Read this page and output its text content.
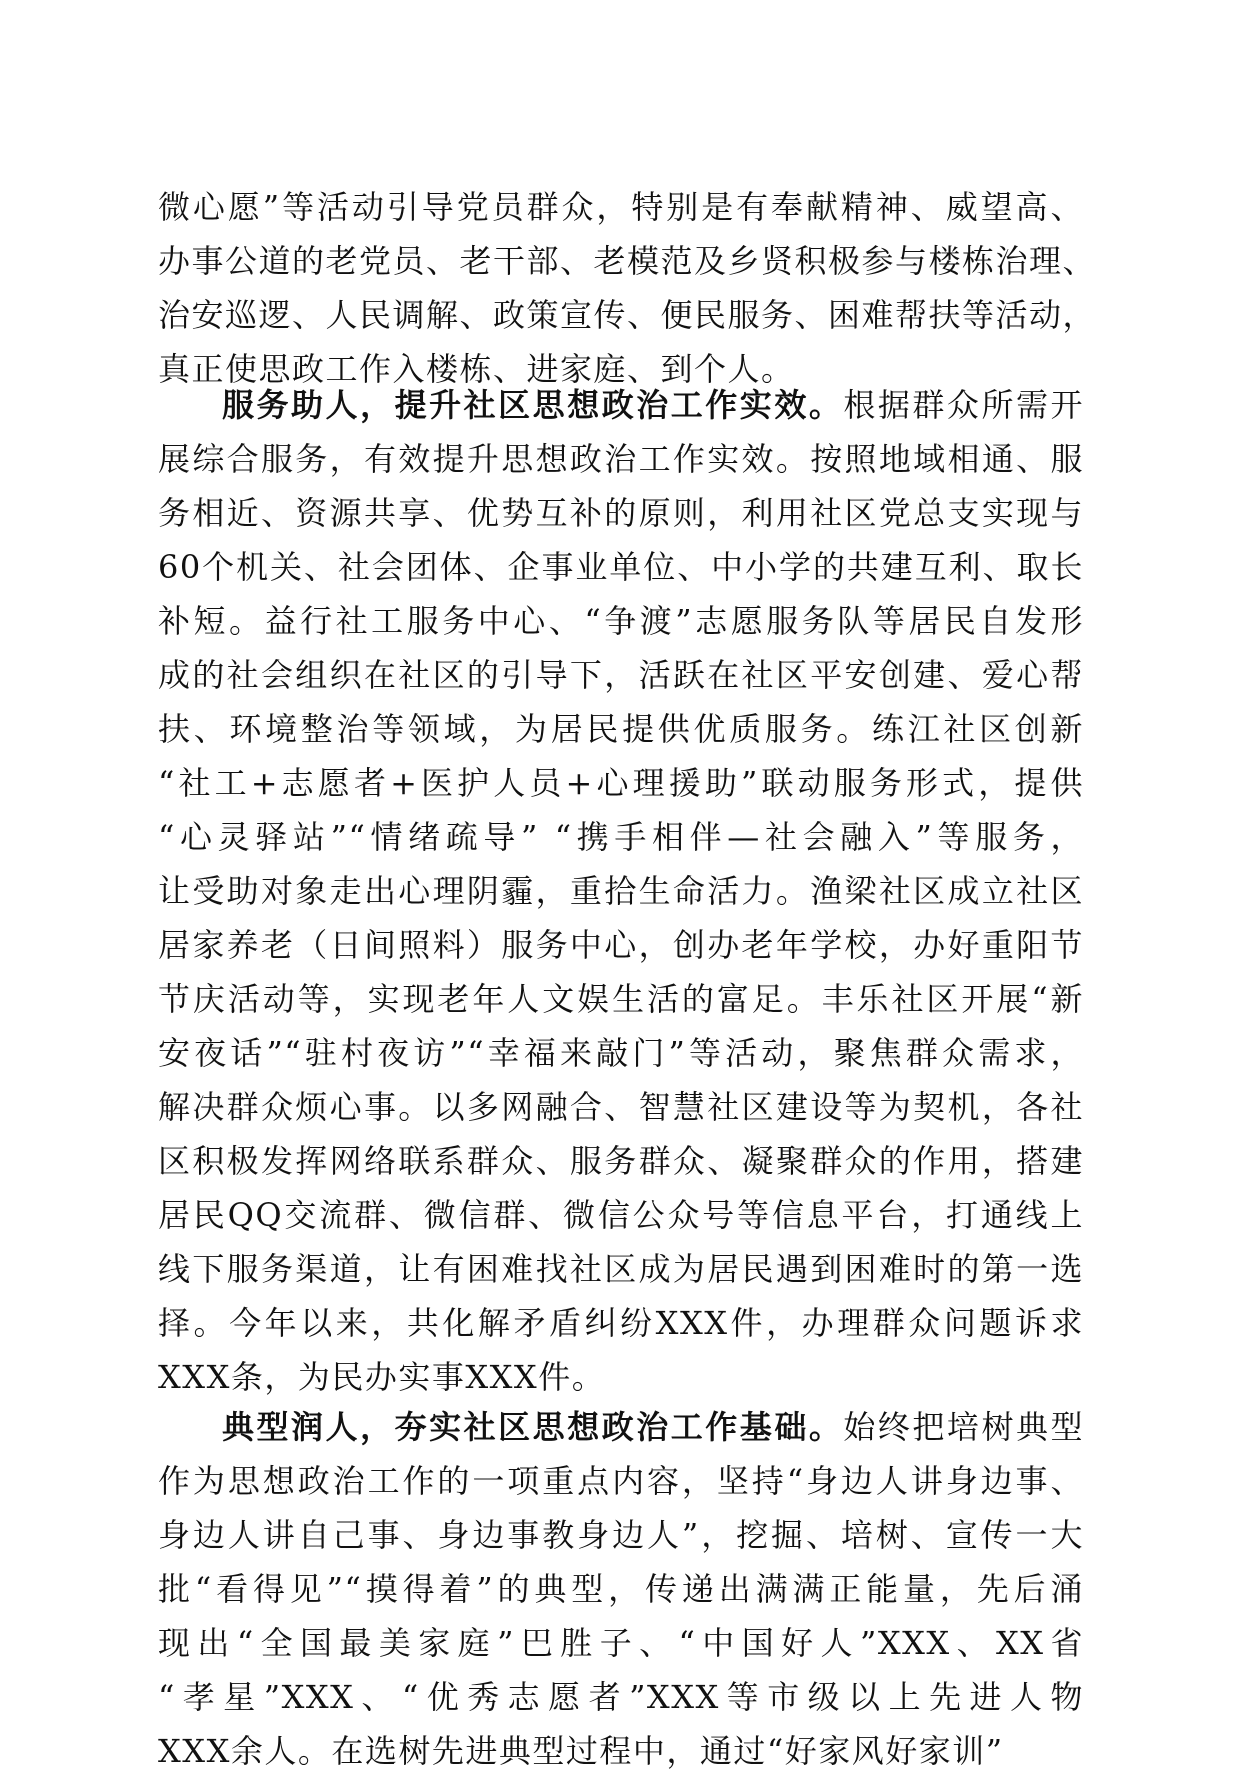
微心愿”等活动引导党员群众，特别是有奉献精神、威望高、
办事公道的老党员、老干部、老模范及乡贤积极参与楼栋治理、
治安巡逻、人民调解、政策宣传、便民服务、困难帮扶等活动，
真正使思政工作入楼栋、进家庭、到个人。
服务助人，提升社区思想政治工作实效。根据群众所需开
展综合服务，有效提升思想政治工作实效。按照地域相通、服
务相近、资源共享、优势互补的原则，利用社区党总支实现与
60个机关、社会团体、企事业单位、中小学的共建互利、取长
补短。益行社工服务中心、“争渡”志愿服务队等居民自发形
成的社会组织在社区的引导下，活跃在社区平安创建、爱心帮
扶、环境整治等领域，为居民提供优质服务。练江社区创新
“社工+志愿者+医护人员+心理援助”联动服务形式，提供
“心灵驿站”“情绪疏导” “携手相伴—社会融入”等服务，
让受助对象走出心理阴霾，重拾生命活力。渔梁社区成立社区
居家养老（日间照料）服务中心，创办老年学校，办好重阳节
节庆活动等，实现老年人文娱生活的富足。丰乐社区开展“新
安夜话”“驻村夜访”“幸福来敲门”等活动，聚焦群众需求，
解决群众烦心事。以多网融合、智慧社区建设等为契机，各社
区积极发挥网络联系群众、服务群众、凝聚群众的作用，搭建
居民QQ交流群、微信群、微信公众号等信息平台，打通线上
线下服务渠道，让有困难找社区成为居民遇到困难时的第一选
择。今年以来，共化解矛盾纠纷XXX件，办理群众问题诉求
XXX条，为民办实事XXX件。
典型润人，夯实社区思想政治工作基础。始终把培树典型
作为思想政治工作的一项重点内容，坚持“身边人讲身边事、
身边人讲自己事、身边事教身边人”，挖掘、培树、宣传一大
批“看得见”“摸得着”的典型，传递出满满正能量，先后涌
现出“全国最美家庭”巴胜子、“中国好人”XXX、XX省
“孝星”XXX、“优秀志愿者”XXX等市级以上先进人物
XXX余人。在选树先进典型过程中，通过“好家风好家训”
